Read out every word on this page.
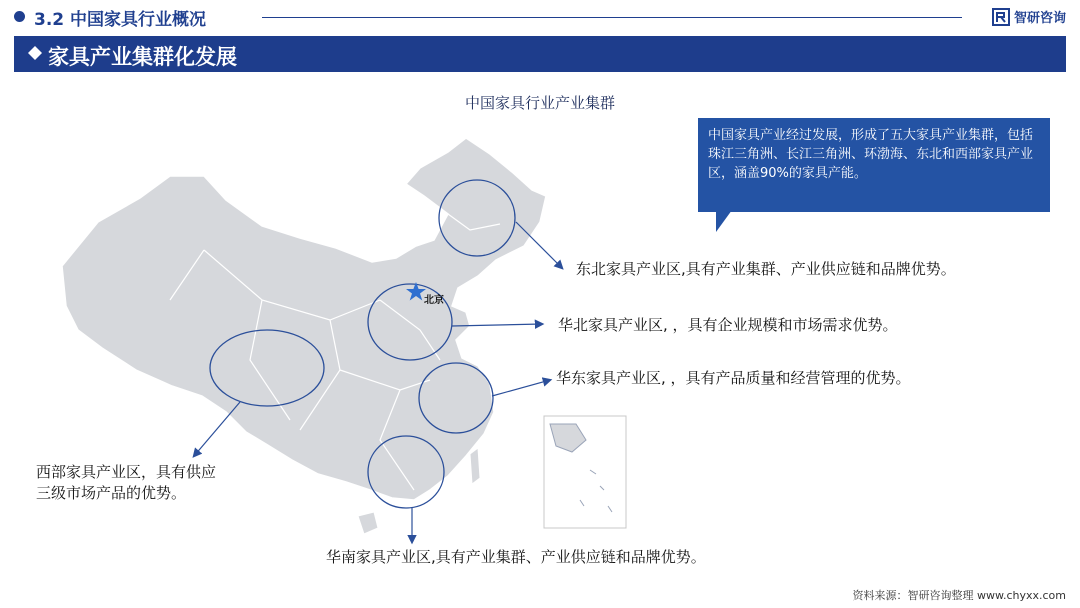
3.2 中国家具行业概况	智研咨询
家具产业集群化发展
中国家具行业产业集群
北京
中国家具产业经过发展，形成了五大家具产业集群，包括珠江三角洲、长江三角洲、环渤海、东北和西部家具产业区，涵盖90%的家具产能。
东北家具产业区,具有产业集群、产业供应链和品牌优势。
华北家具产业区, ，具有企业规模和市场需求优势。
华东家具产业区, ，具有产品质量和经营管理的优势。
西部家具产业区，具有供应三级市场产品的优势。
华南家具产业区,具有产业集群、产业供应链和品牌优势。
资料来源：智研咨询整理 www.chyxx.com
